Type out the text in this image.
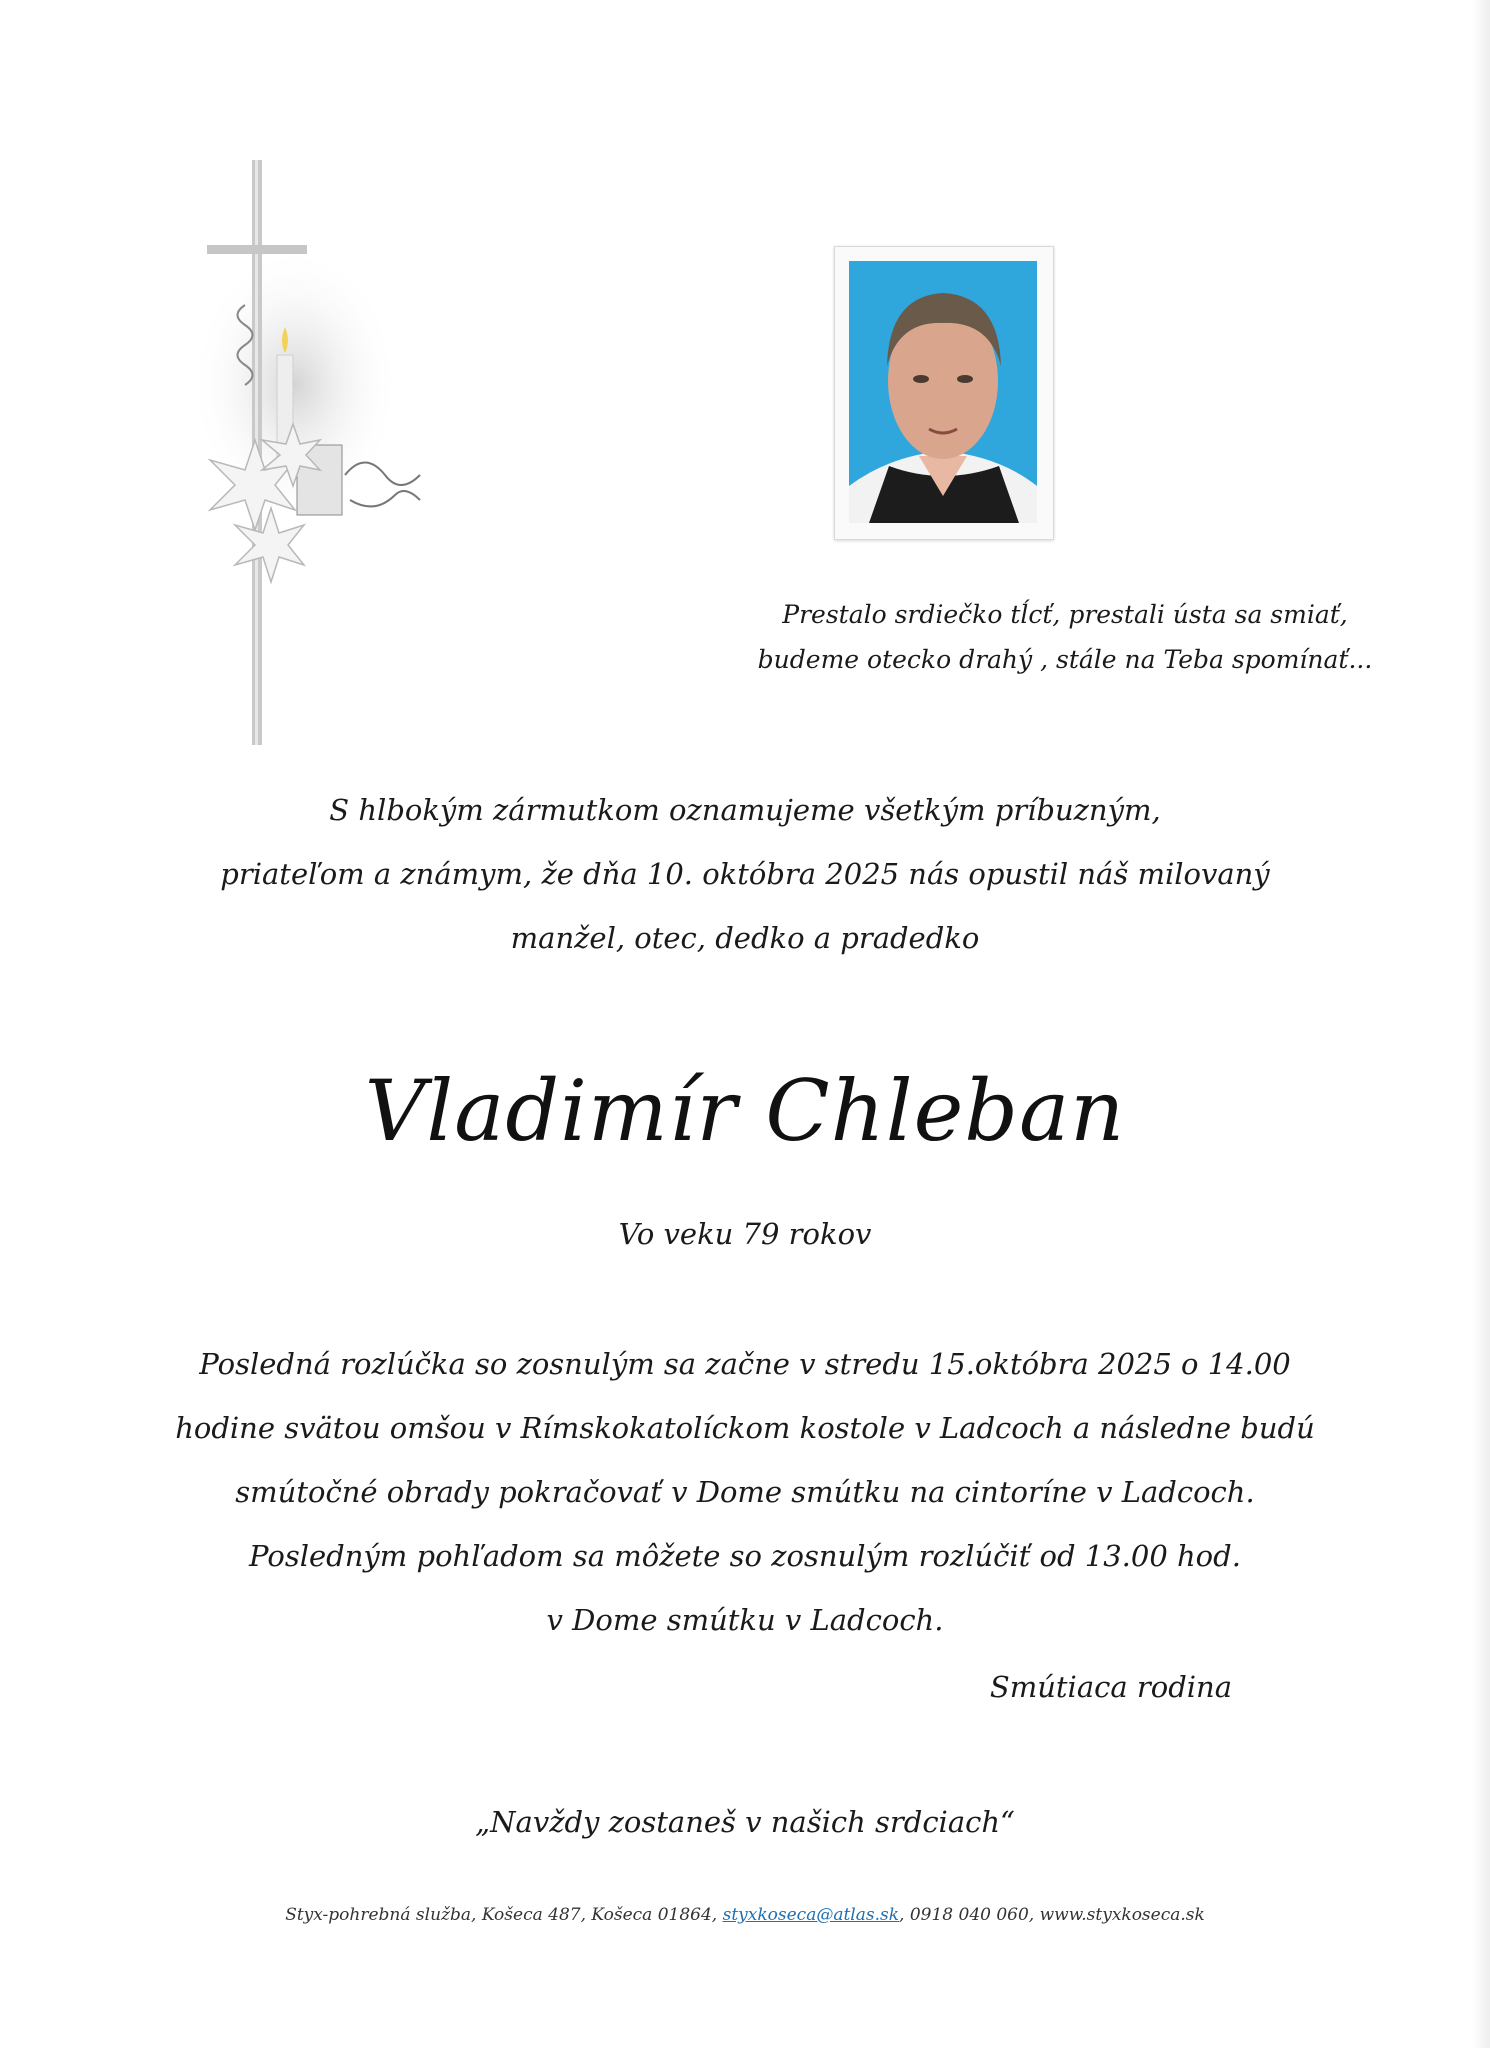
Prestalo srdiečko tĺcť, prestali ústa sa smiať,
budeme otecko drahý , stále na Teba spomínať...
S hlbokým zármutkom oznamujeme všetkým príbuzným,
priateľom a známym, že dňa 10. októbra 2025 nás opustil náš milovaný
manžel, otec, dedko a pradedko
Vladimír Chleban
Vo veku 79 rokov
Posledná rozlúčka so zosnulým sa začne v stredu 15.októbra 2025 o 14.00
hodine svätou omšou v Rímskokatolíckom kostole v Ladcoch a následne budú
smútočné obrady pokračovať v Dome smútku na cintoríne v Ladcoch.
Posledným pohľadom sa môžete so zosnulým rozlúčiť od 13.00 hod.
v Dome smútku v Ladcoch.
Smútiaca rodina
„Navždy zostaneš v našich srdciach“
Styx-pohrebná služba, Košeca 487, Košeca 01864, styxkoseca@atlas.sk, 0918 040 060, www.styxkoseca.sk
